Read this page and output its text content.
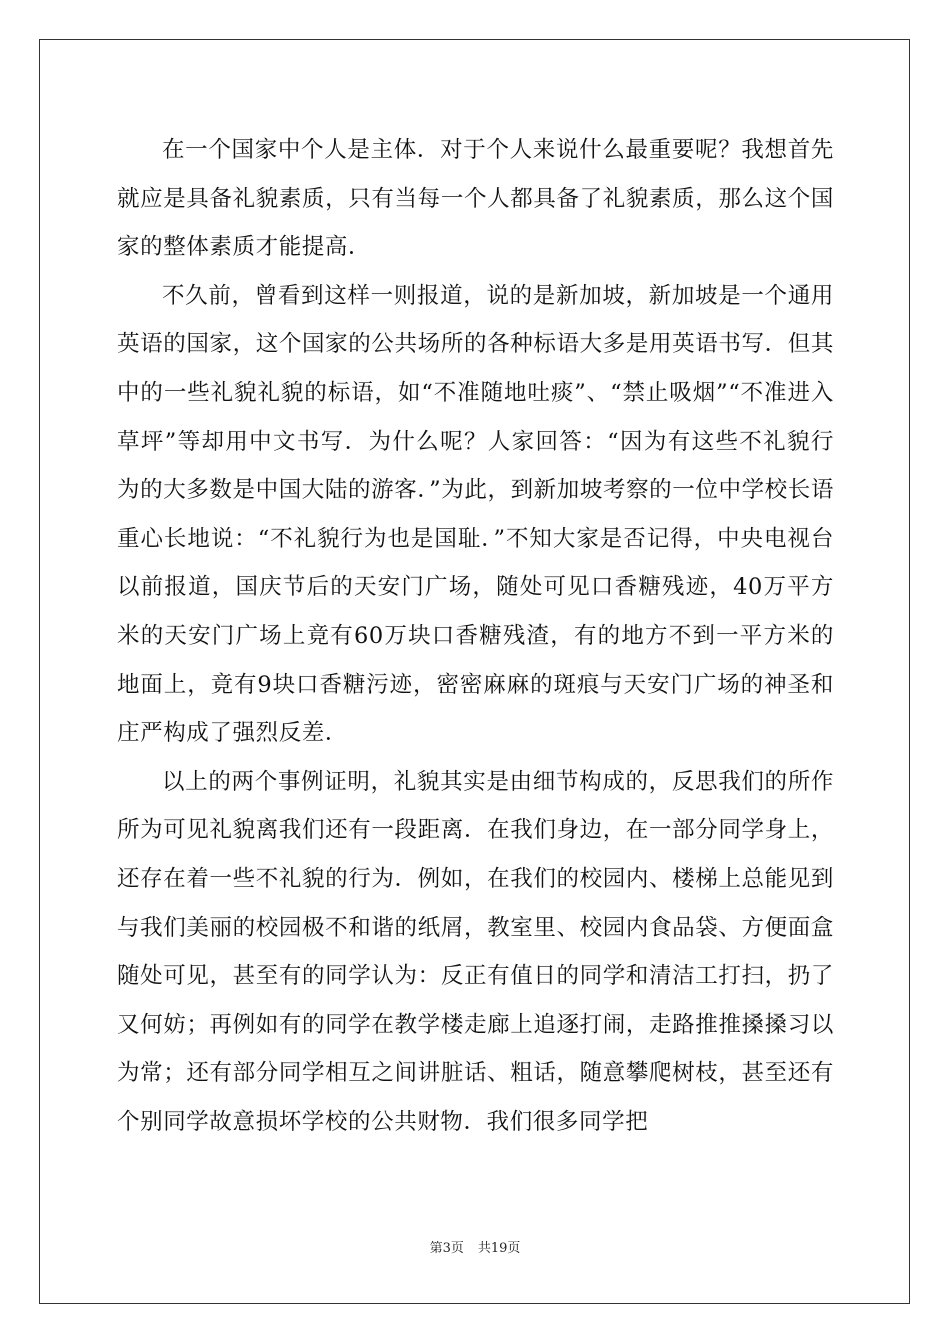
在一个国家中个人是主体．对于个人来说什么最重要呢？我想首先就应是具备礼貌素质，只有当每一个人都具备了礼貌素质，那么这个国家的整体素质才能提高．

不久前，曾看到这样一则报道，说的是新加坡，新加坡是一个通用英语的国家，这个国家的公共场所的各种标语大多是用英语书写．但其中的一些礼貌礼貌的标语，如“不准随地吐痰”、“禁止吸烟”“不准进入草坪”等却用中文书写．为什么呢？人家回答：“因为有这些不礼貌行为的大多数是中国大陆的游客．”为此，到新加坡考察的一位中学校长语重心长地说：“不礼貌行为也是国耻．”不知大家是否记得，中央电视台以前报道，国庆节后的天安门广场，随处可见口香糖残迹，40万平方米的天安门广场上竟有60万块口香糖残渣，有的地方不到一平方米的地面上，竟有9块口香糖污迹，密密麻麻的斑痕与天安门广场的神圣和庄严构成了强烈反差．

以上的两个事例证明，礼貌其实是由细节构成的，反思我们的所作所为可见礼貌离我们还有一段距离．在我们身边，在一部分同学身上，还存在着一些不礼貌的行为．例如，在我们的校园内、楼梯上总能见到与我们美丽的校园极不和谐的纸屑，教室里、校园内食品袋、方便面盒随处可见，甚至有的同学认为：反正有值日的同学和清洁工打扫，扔了又何妨；再例如有的同学在教学楼走廊上追逐打闹，走路推推搡搡习以为常；还有部分同学相互之间讲脏话、粗话，随意攀爬树枝，甚至还有个别同学故意损坏学校的公共财物．我们很多同学把

第3页 共19页
